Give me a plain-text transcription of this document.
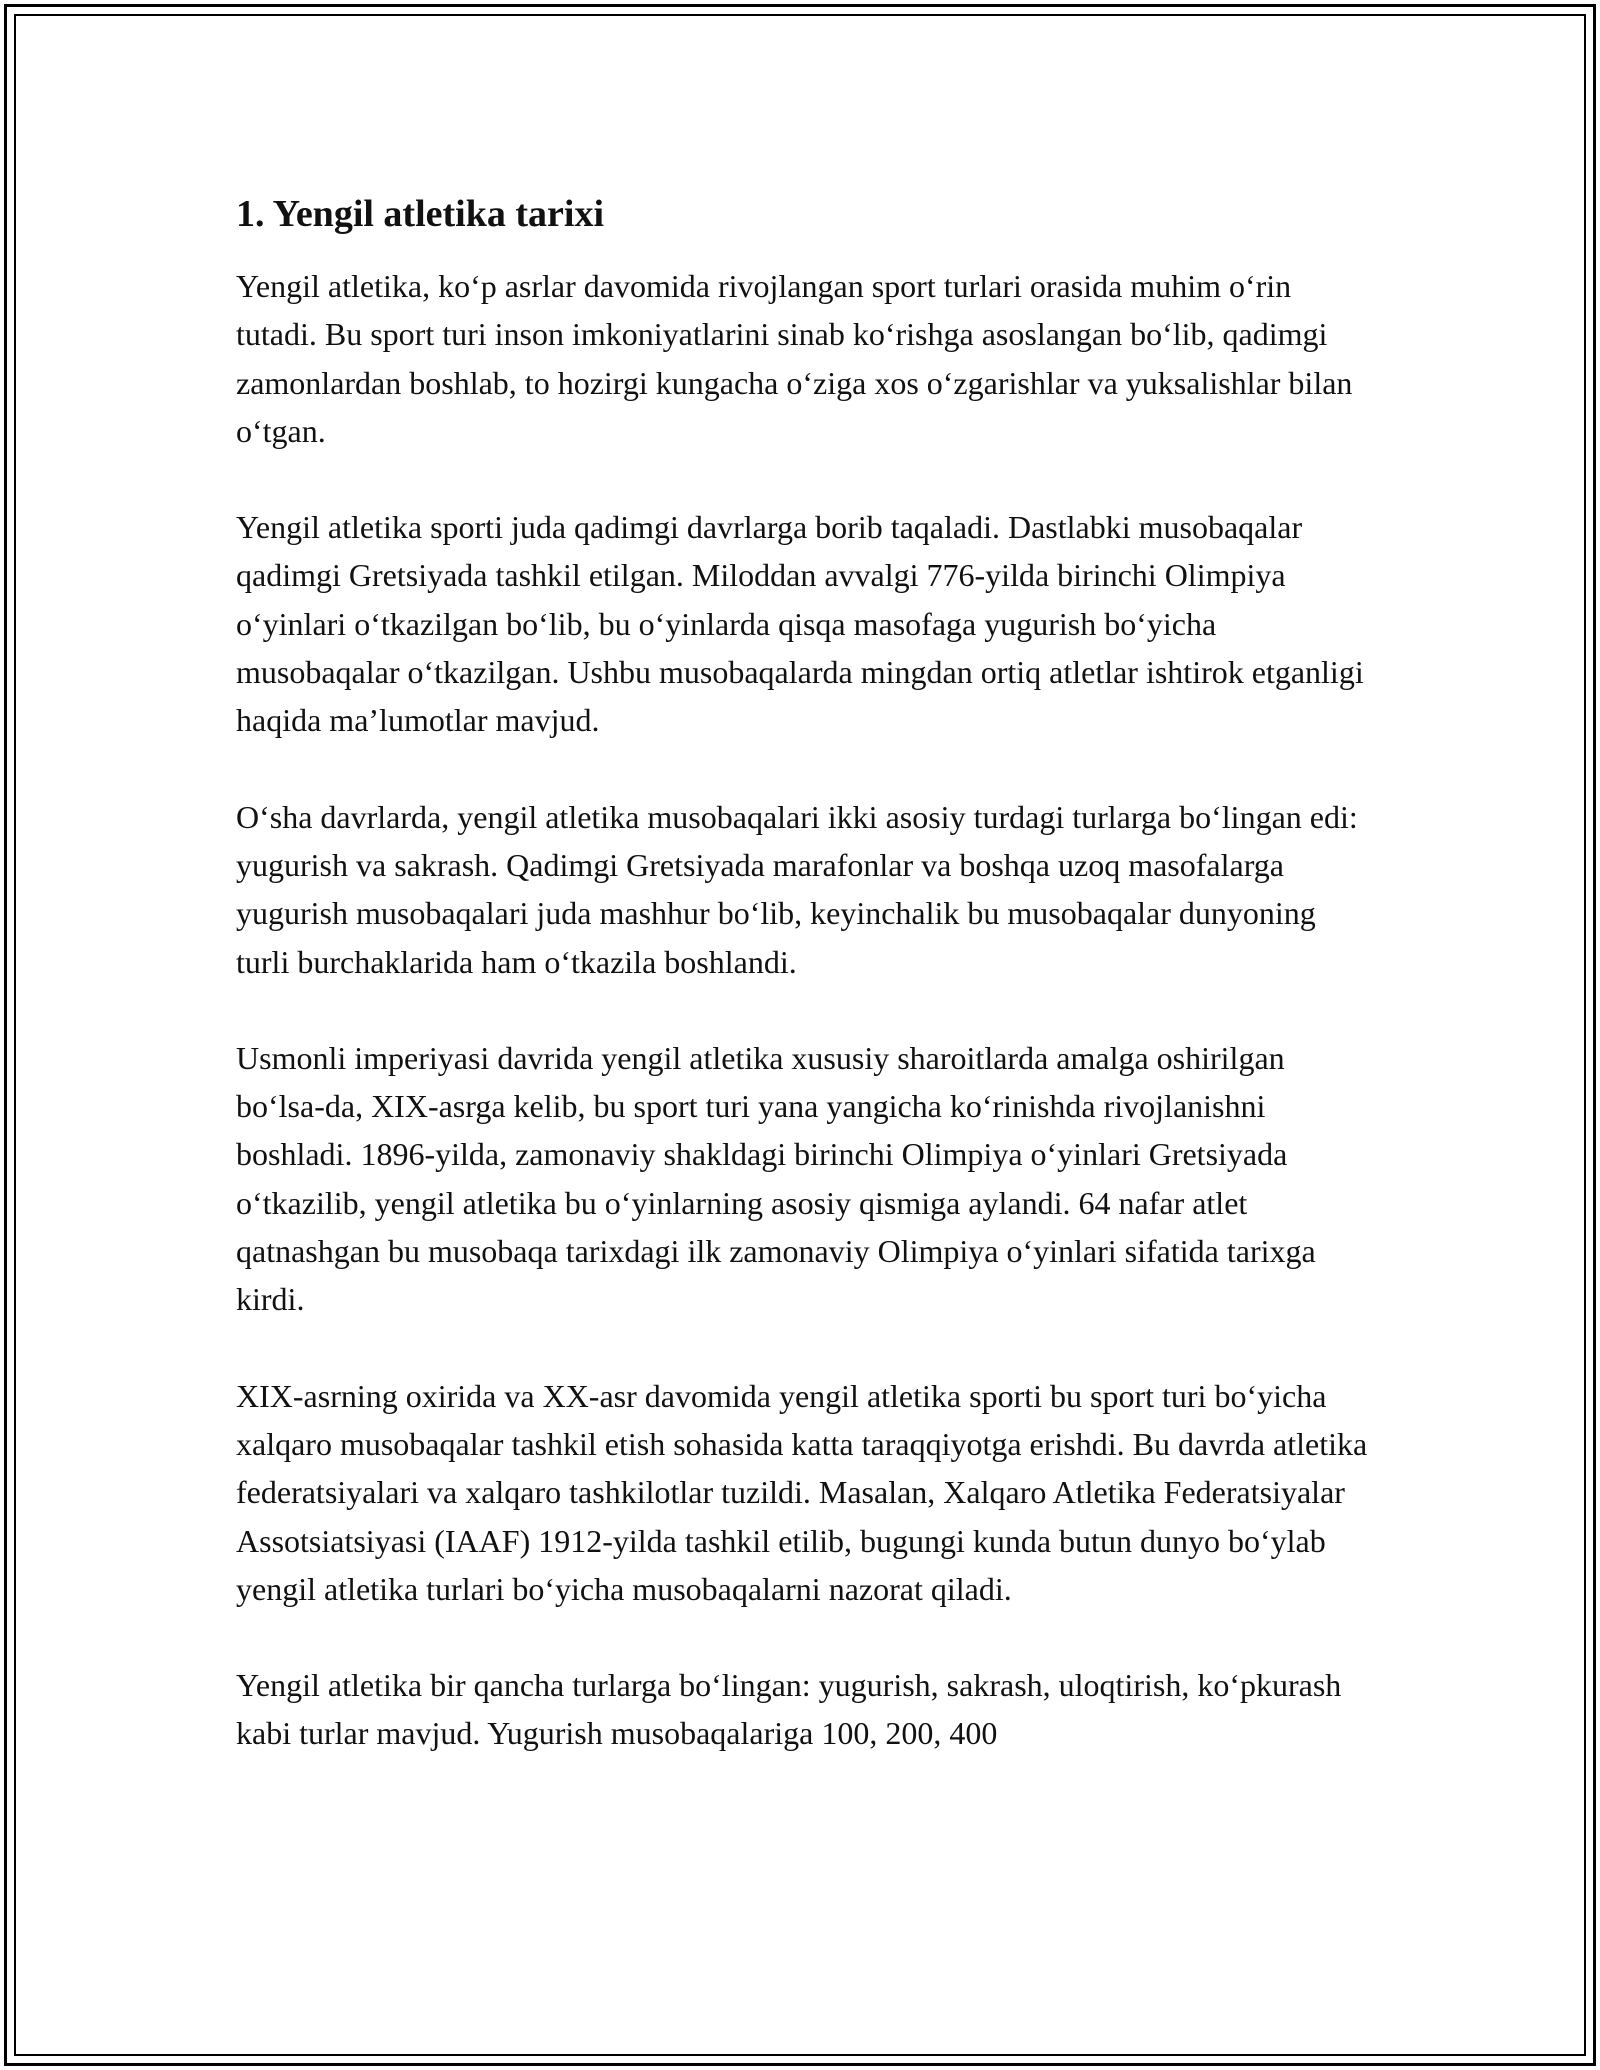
1. Yengil atletika tarixi

Yengil atletika, koʻp asrlar davomida rivojlangan sport turlari orasida muhim oʻrin tutadi. Bu sport turi inson imkoniyatlarini sinab koʻrishga asoslangan boʻlib, qadimgi zamonlardan boshlab, to hozirgi kungacha oʻziga xos oʻzgarishlar va yuksalishlar bilan oʻtgan.

Yengil atletika sporti juda qadimgi davrlarga borib taqaladi. Dastlabki musobaqalar qadimgi Gretsiyada tashkil etilgan. Miloddan avvalgi 776-yilda birinchi Olimpiya oʻyinlari oʻtkazilgan boʻlib, bu oʻyinlarda qisqa masofaga yugurish boʻyicha musobaqalar oʻtkazilgan. Ushbu musobaqalarda mingdan ortiq atletlar ishtirok etganligi haqida maʼlumotlar mavjud.

Oʻsha davrlarda, yengil atletika musobaqalari ikki asosiy turdagi turlarga boʻlingan edi: yugurish va sakrash. Qadimgi Gretsiyada marafonlar va boshqa uzoq masofalarga yugurish musobaqalari juda mashhur boʻlib, keyinchalik bu musobaqalar dunyoning turli burchaklarida ham oʻtkazila boshlandi.

Usmonli imperiyasi davrida yengil atletika xususiy sharoitlarda amalga oshirilgan boʻlsa-da, XIX-asrga kelib, bu sport turi yana yangicha koʻrinishda rivojlanishni boshladi. 1896-yilda, zamonaviy shakldagi birinchi Olimpiya oʻyinlari Gretsiyada oʻtkazilib, yengil atletika bu oʻyinlarning asosiy qismiga aylandi. 64 nafar atlet qatnashgan bu musobaqa tarixdagi ilk zamonaviy Olimpiya oʻyinlari sifatida tarixga kirdi.

XIX-asrning oxirida va XX-asr davomida yengil atletika sporti bu sport turi boʻyicha xalqaro musobaqalar tashkil etish sohasida katta taraqqiyotga erishdi. Bu davrda atletika federatsiyalari va xalqaro tashkilotlar tuzildi. Masalan, Xalqaro Atletika Federatsiyalar Assotsiatsiyasi (IAAF) 1912-yilda tashkil etilib, bugungi kunda butun dunyo boʻylab yengil atletika turlari boʻyicha musobaqalarni nazorat qiladi.

Yengil atletika bir qancha turlarga boʻlingan: yugurish, sakrash, uloqtirish, koʻpkurash kabi turlar mavjud. Yugurish musobaqalariga 100, 200, 400
